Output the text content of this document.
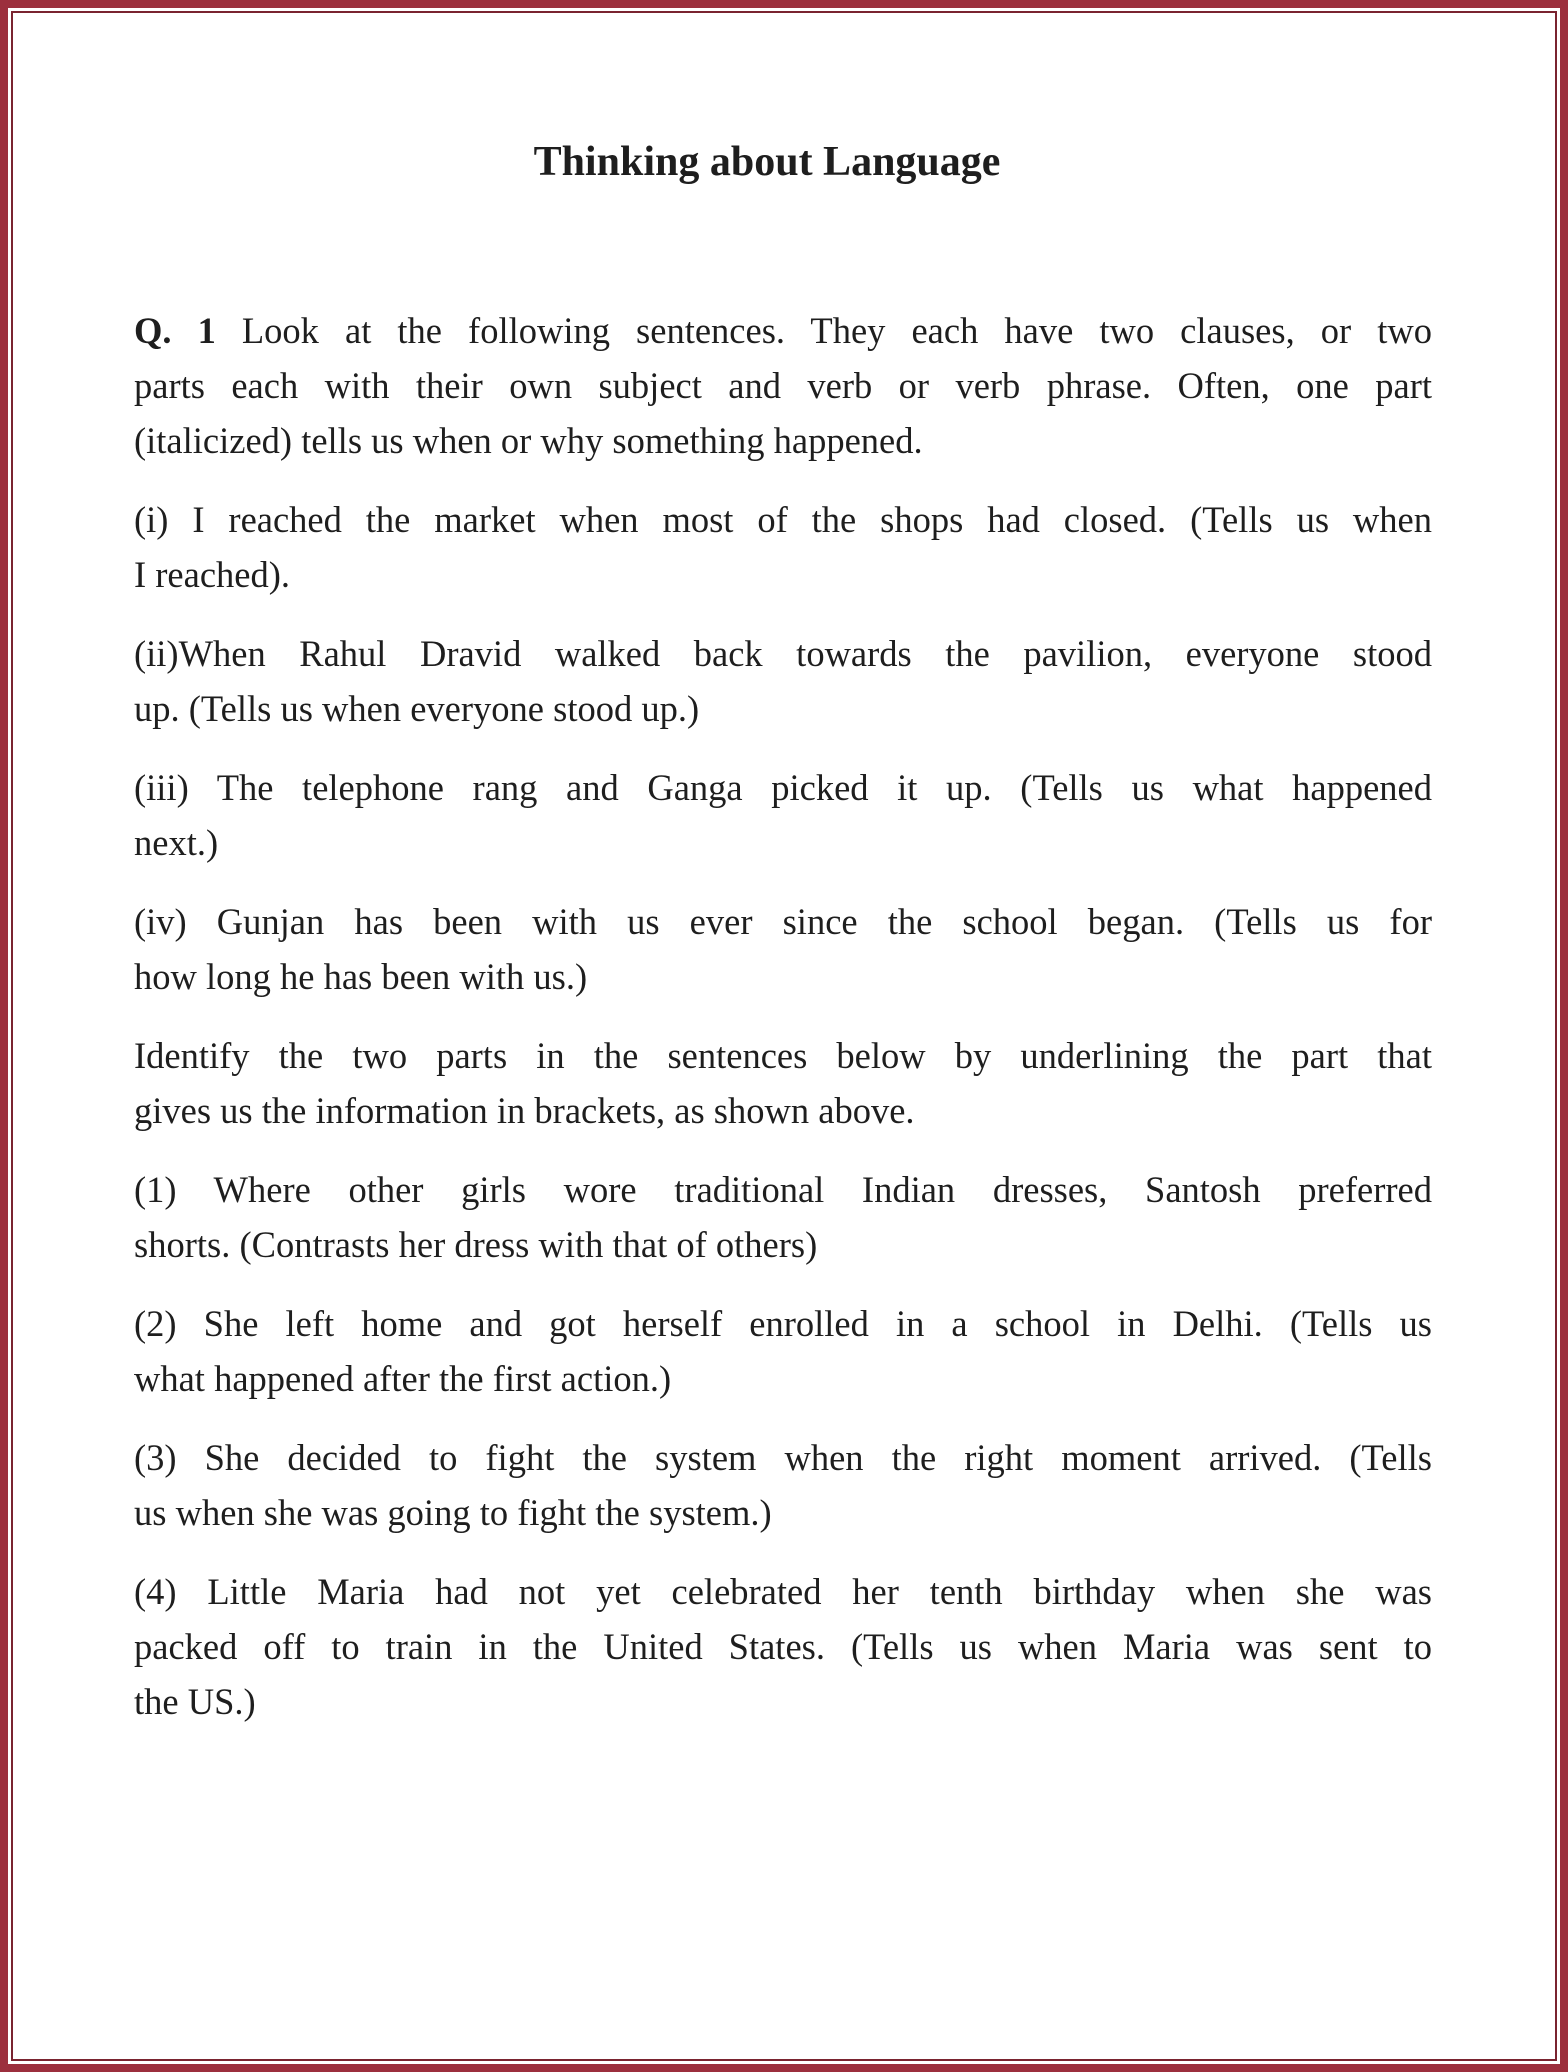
Thinking about Language
Q. 1 Look at the following sentences. They each have two clauses, or two
parts each with their own subject and verb or verb phrase. Often, one part
(italicized) tells us when or why something happened.
(i) I reached the market when most of the shops had closed. (Tells us when
I reached).
(ii)When Rahul Dravid walked back towards the pavilion, everyone stood
up. (Tells us when everyone stood up.)
(iii) The telephone rang and Ganga picked it up. (Tells us what happened
next.)
(iv) Gunjan has been with us ever since the school began. (Tells us for
how long he has been with us.)
Identify the two parts in the sentences below by underlining the part that
gives us the information in brackets, as shown above.
(1) Where other girls wore traditional Indian dresses, Santosh preferred
shorts. (Contrasts her dress with that of others)
(2) She left home and got herself enrolled in a school in Delhi. (Tells us
what happened after the first action.)
(3) She decided to fight the system when the right moment arrived. (Tells
us when she was going to fight the system.)
(4) Little Maria had not yet celebrated her tenth birthday when she was
packed off to train in the United States. (Tells us when Maria was sent to
the US.)
